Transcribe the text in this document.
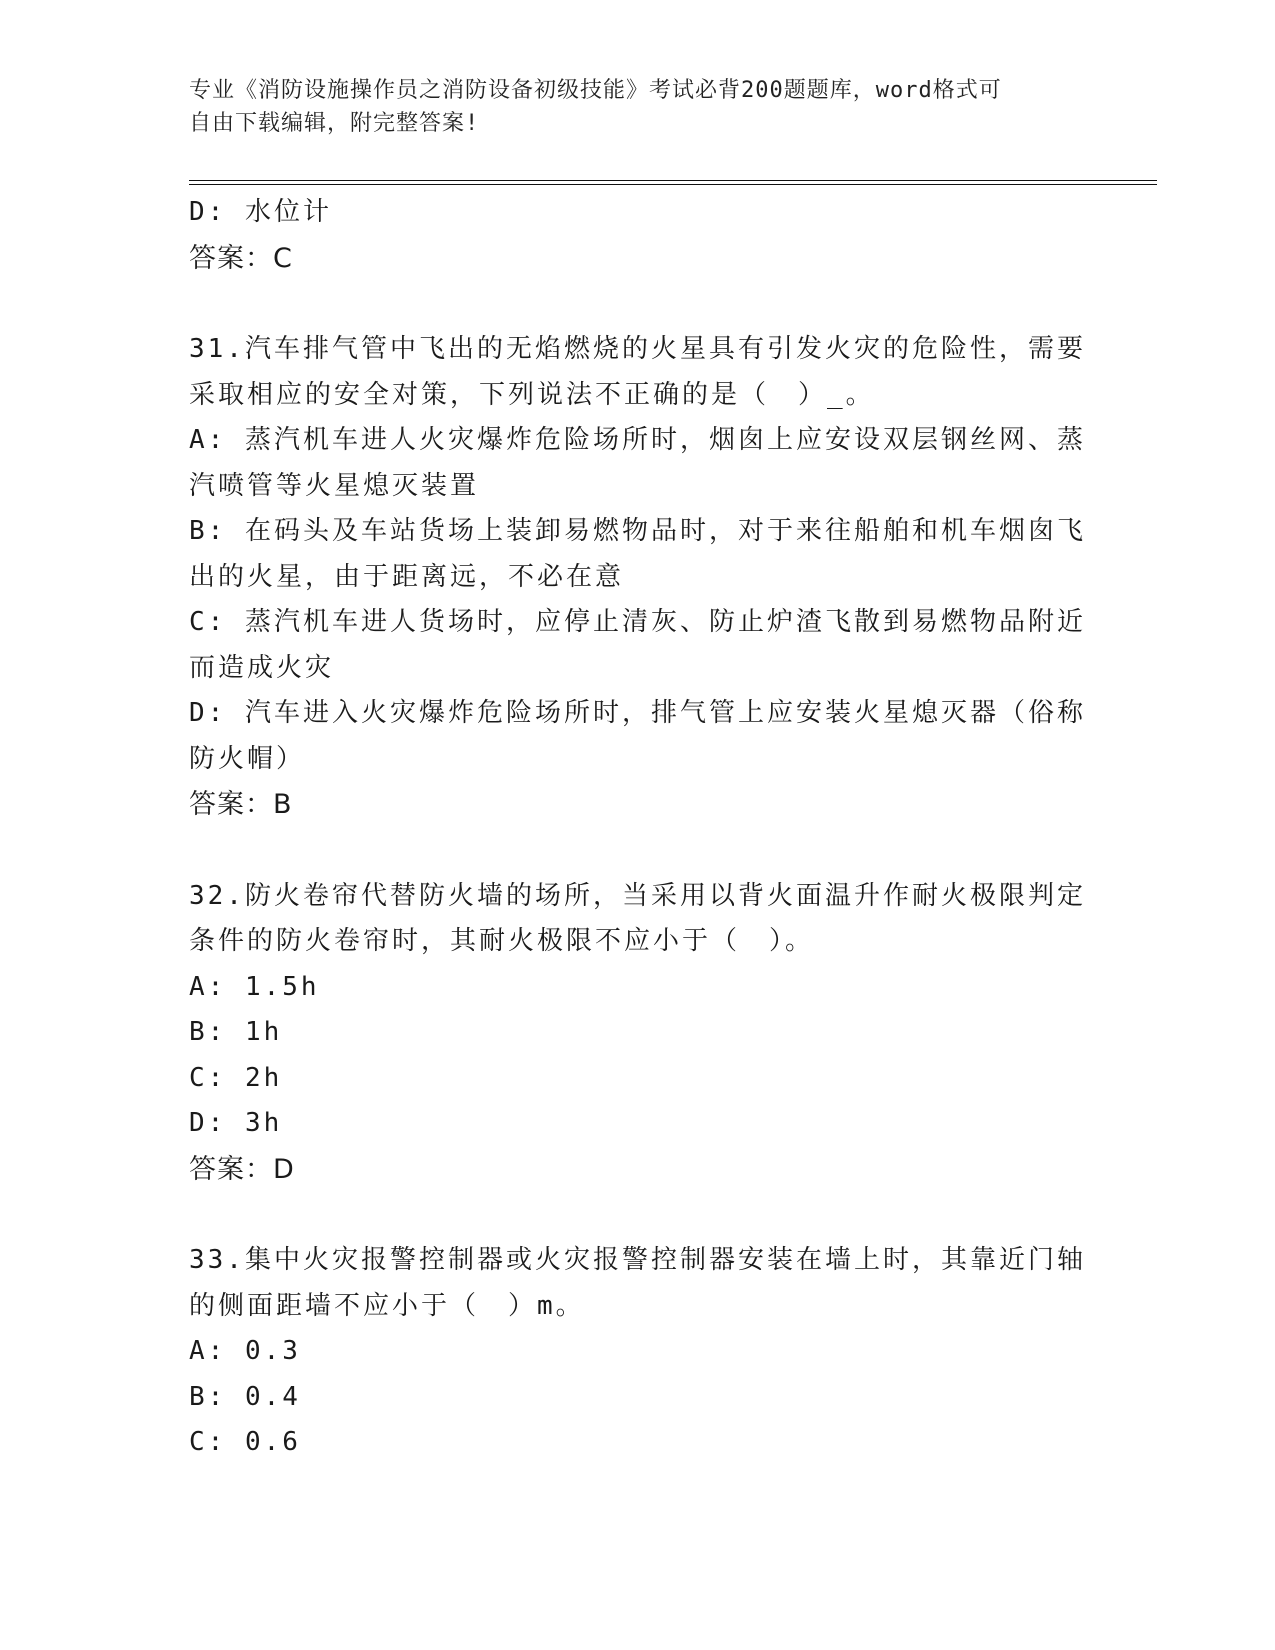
专业《消防设施操作员之消防设备初级技能》考试必背200题题库，word格式可
自由下载编辑，附完整答案!
D: 水位计
答案：C
31.汽车排气管中飞出的无焰燃烧的火星具有引发火灾的危险性，需要
采取相应的安全对策，下列说法不正确的是（　）_。
A: 蒸汽机车进人火灾爆炸危险场所时，烟囱上应安设双层钢丝网、蒸
汽喷管等火星熄灭装置
B: 在码头及车站货场上装卸易燃物品时，对于来往船舶和机车烟囱飞
出的火星，由于距离远，不必在意
C: 蒸汽机车进人货场时，应停止清灰、防止炉渣飞散到易燃物品附近
而造成火灾
D: 汽车进入火灾爆炸危险场所时，排气管上应安装火星熄灭器（俗称
防火帽）
答案：B
32.防火卷帘代替防火墙的场所，当采用以背火面温升作耐火极限判定
条件的防火卷帘时，其耐火极限不应小于（　）。
A: 1.5h
B: 1h
C: 2h
D: 3h
答案：D
33.集中火灾报警控制器或火灾报警控制器安装在墙上时，其靠近门轴
的侧面距墙不应小于（　）m。
A: 0.3
B: 0.4
C: 0.6
